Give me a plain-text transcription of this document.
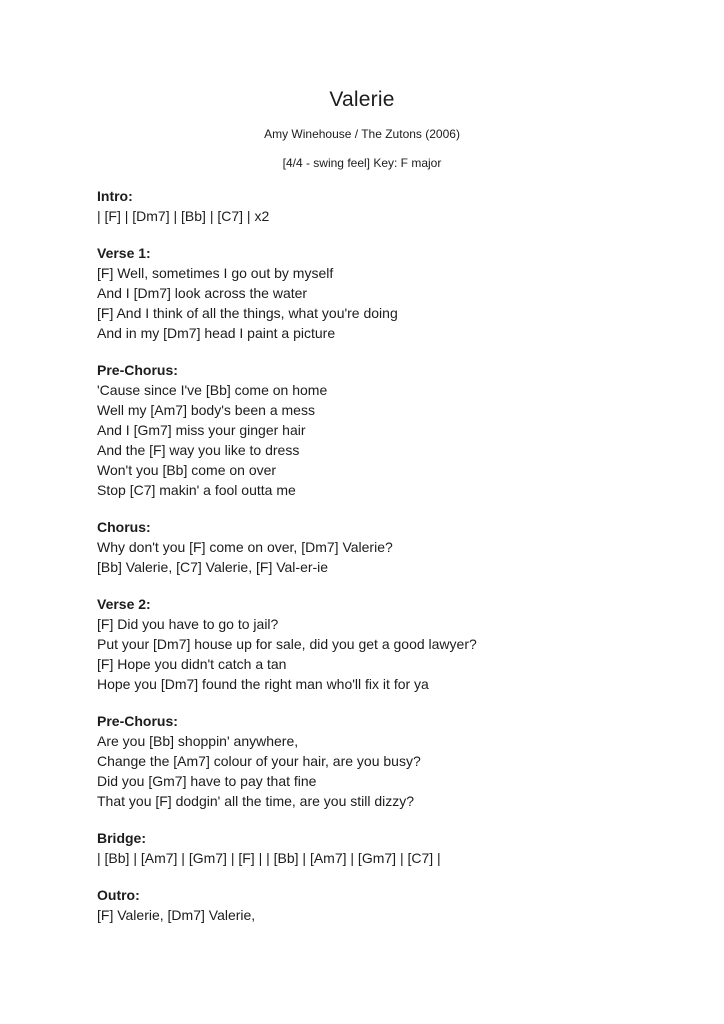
Valerie
Amy Winehouse / The Zutons (2006)
[4/4 - swing feel] Key: F major
Intro:

| [F] | [Dm7] | [Bb] | [C7] | x2

Verse 1:

[F] Well, sometimes I go out by myself

And I [Dm7] look across the water

[F] And I think of all the things, what you're doing

And in my [Dm7] head I paint a picture

Pre-Chorus:

'Cause since I've [Bb] come on home

Well my [Am7] body's been a mess

And I [Gm7] miss your ginger hair

And the [F] way you like to dress

Won't you [Bb] come on over

Stop [C7] makin' a fool outta me

Chorus:

Why don't you [F] come on over, [Dm7] Valerie?

[Bb] Valerie, [C7] Valerie, [F] Val-er-ie

Verse 2:

[F] Did you have to go to jail?

Put your [Dm7] house up for sale, did you get a good lawyer?

[F] Hope you didn't catch a tan

Hope you [Dm7] found the right man who'll fix it for ya

Pre-Chorus:

Are you [Bb] shoppin' anywhere,

Change the [Am7] colour of your hair, are you busy?

Did you [Gm7] have to pay that fine

That you [F] dodgin' all the time, are you still dizzy?

Bridge:

| [Bb] | [Am7] | [Gm7] | [F] | | [Bb] | [Am7] | [Gm7] | [C7] |

Outro:

[F] Valerie, [Dm7] Valerie,
